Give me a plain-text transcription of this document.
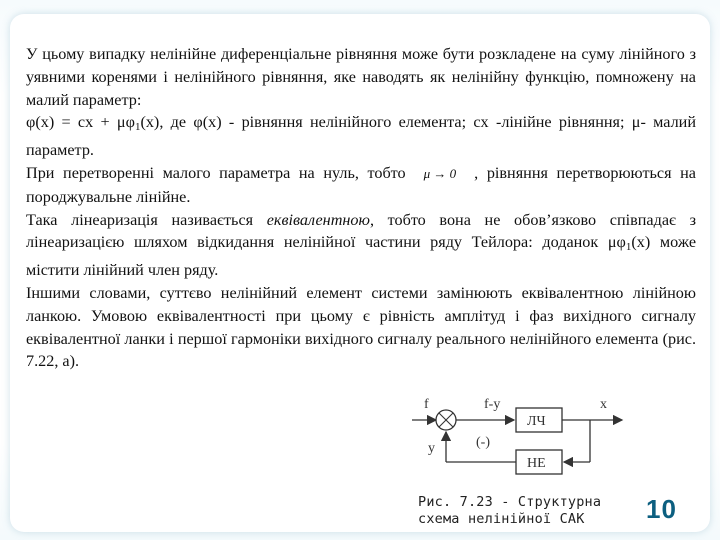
У цьому випадку нелінійне диференціальне рівняння може бути розкладене на суму лінійного з уявними коренями і нелінійного рівняння, яке наводять як нелінійну функцію, помножену на малий параметр:

φ(x) = cx + $\mu\varphi_1(x)$, де φ(x) - рівняння нелінійного елемента; cx -лінійне рівняння; μ- малий параметр.

При перетворенні малого параметра на нуль, тобто μ → 0 , рівняння перетворюються на породжувальне лінійне.

Така лінеаризація називається еквівалентною, тобто вона не обов’язково співпадає з лінеаризацією шляхом відкидання нелінійної частини ряду Тейлора: доданок $\mu\varphi_1(x)$ може містити лінійний член ряду.

Іншими словами, суттєво нелінійний елемент системи замінюють еквівалентною лінійною ланкою. Умовою еквівалентності при цьому є рівність амплітуд і фаз вихідного сигналу еквівалентної ланки і першої гармоніки вихідного сигналу реального нелінійного елемента (рис. 7.22, а).

f	f-y
ЛЧ
x
НЕ
y	(-)
Рис. 7.23 - Структурна
схема нелінійної САК	10
